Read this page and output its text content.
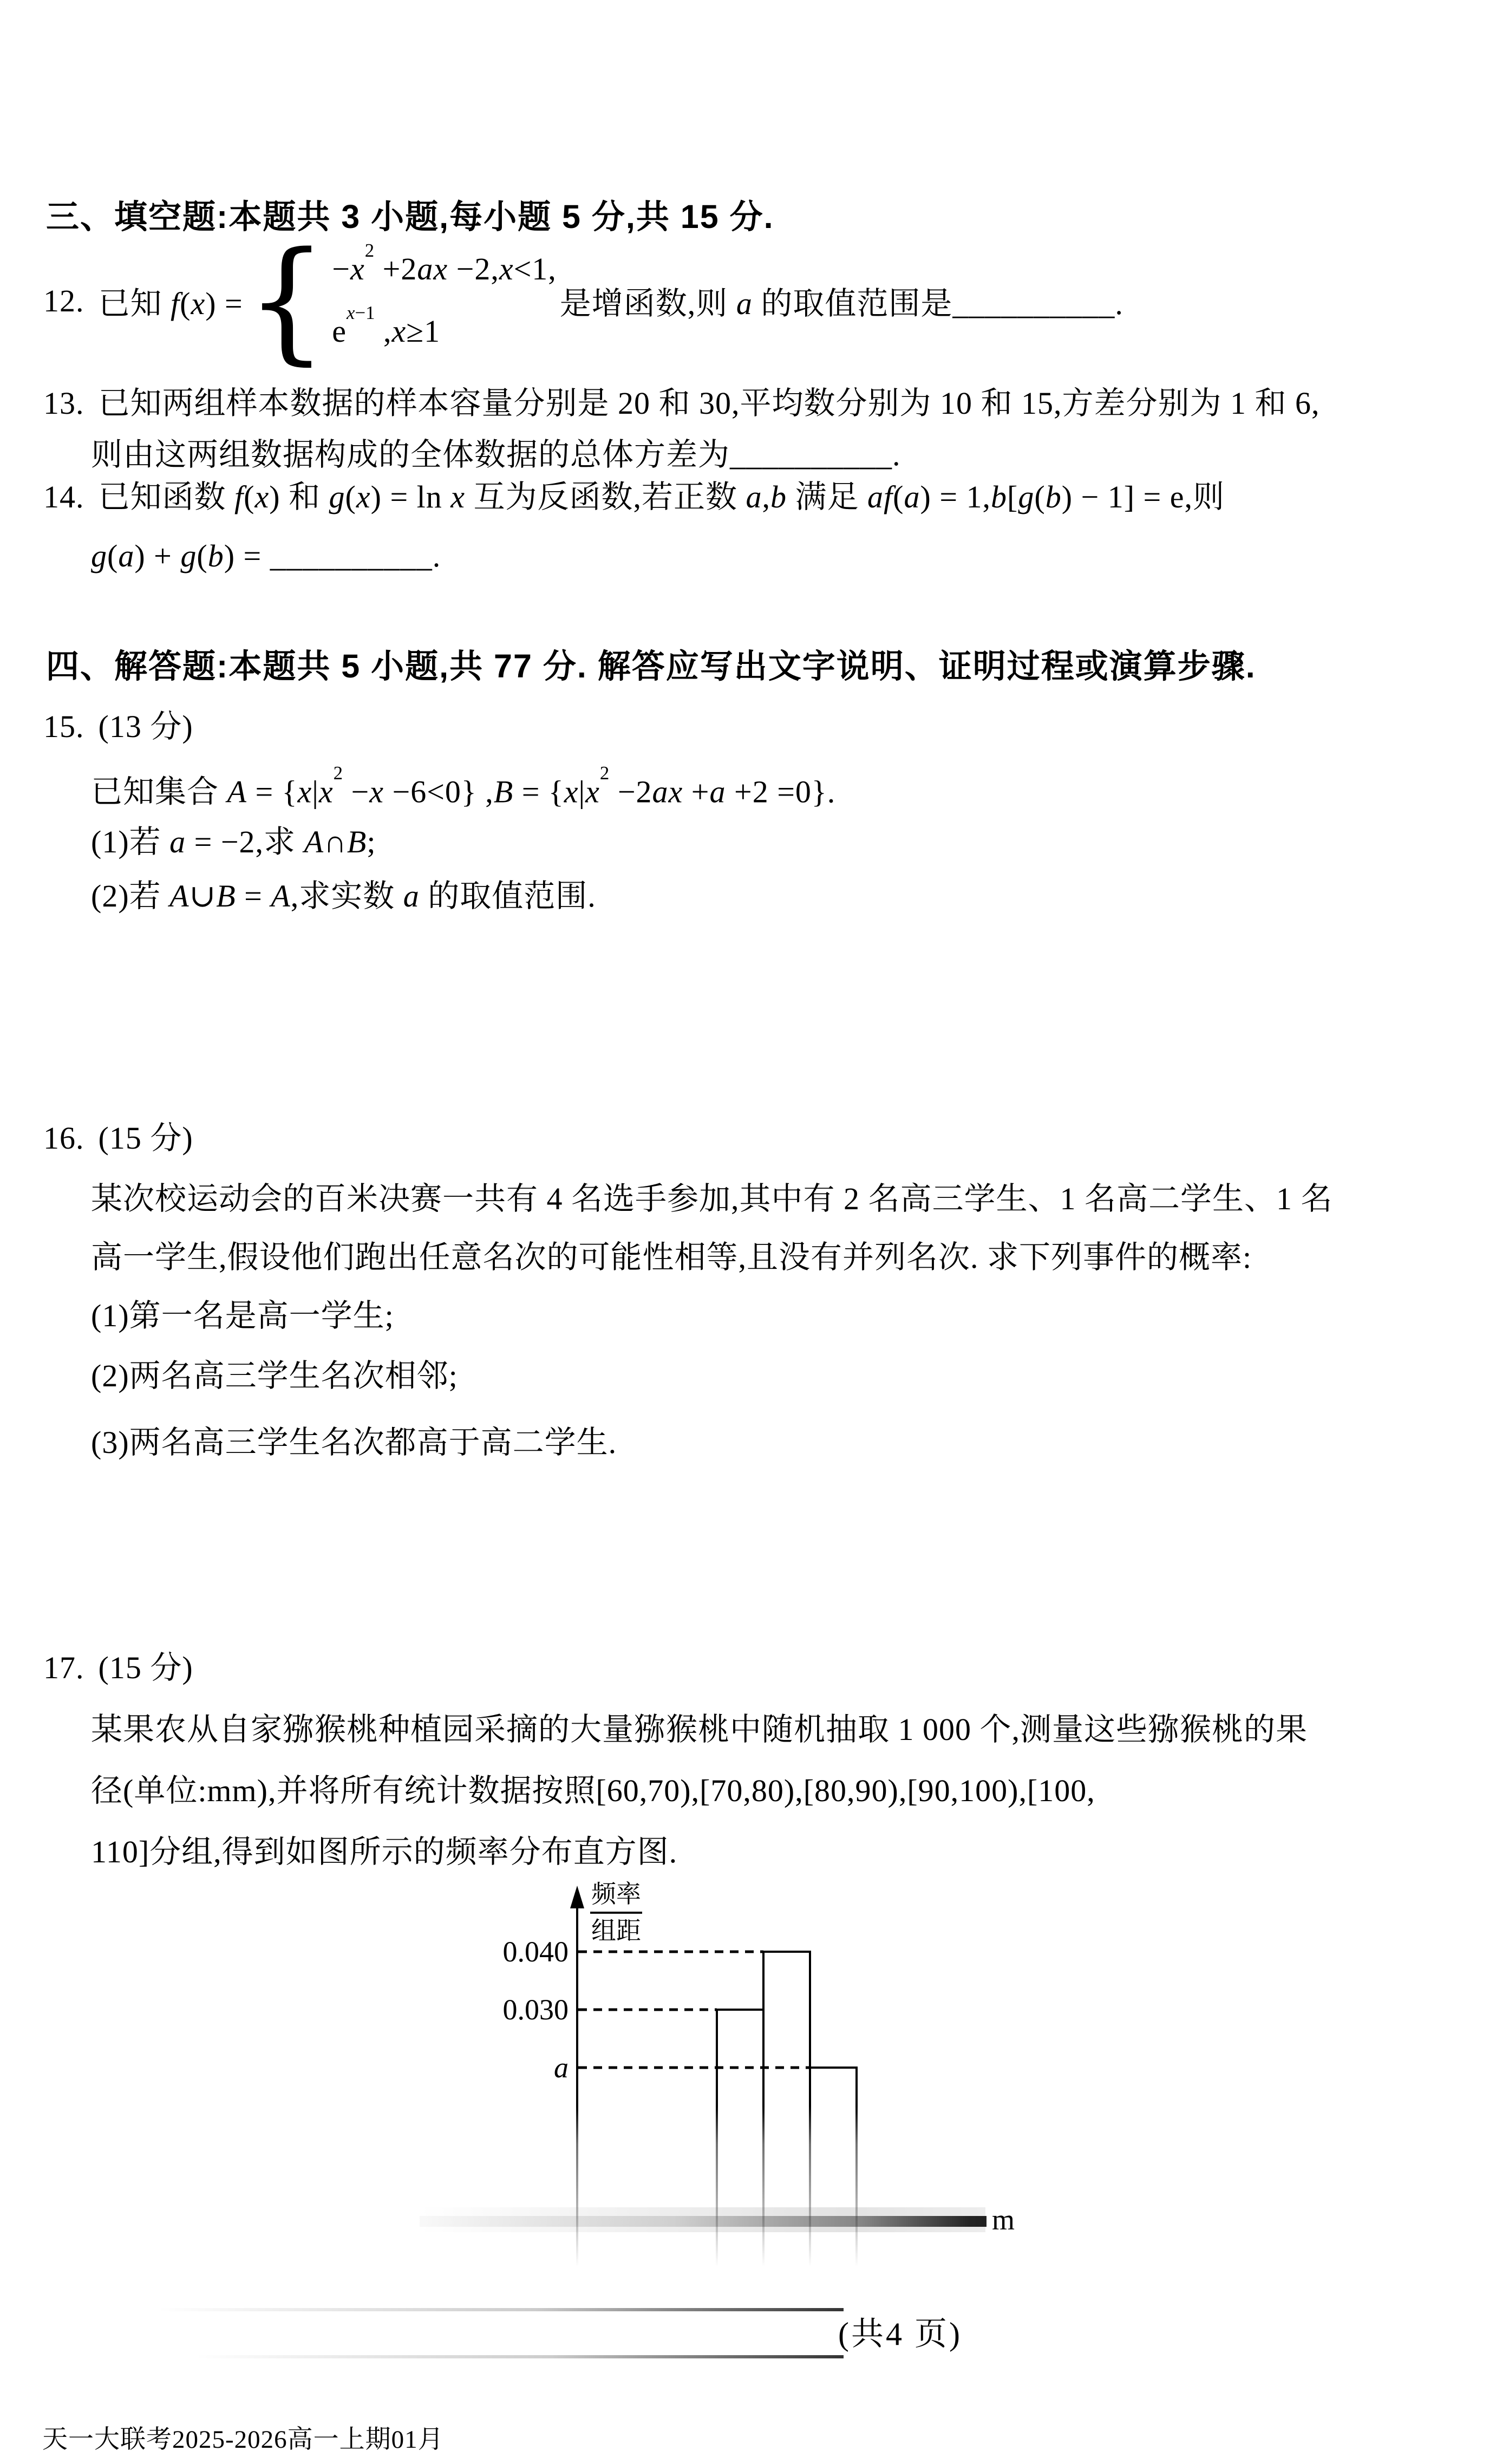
三、填空题:本题共 3 小题,每小题 5 分,共 15 分.
12. 已知 f(x) = { $-x^2 +2ax -2,x<1$,
$e^{x-1}$ ,x≥1
是增函数,则 a 的取值范围是__________.
13. 已知两组样本数据的样本容量分别是 20 和 30,平均数分别为 10 和 15,方差分别为 1 和 6,
则由这两组数据构成的全体数据的总体方差为__________.
14. 已知函数 f(x) 和 g(x) = ln x 互为反函数,若正数 a,b 满足 af(a) = 1,b[g(b) − 1] = e,则
g(a) + g(b) = __________.
四、解答题:本题共 5 小题,共 77 分. 解答应写出文字说明、证明过程或演算步骤.
15. (13 分)
已知集合 $A = \{x|x^2 -x -6<0\} ,B = \{x|x^2 -2ax +a +2 =0\}$.
(1)若 a = −2,求 A∩B;
(2)若 A∪B = A,求实数 a 的取值范围.
16. (15 分)
某次校运动会的百米决赛一共有 4 名选手参加,其中有 2 名高三学生、1 名高二学生、1 名
高一学生,假设他们跑出任意名次的可能性相等,且没有并列名次. 求下列事件的概率:
(1)第一名是高一学生;
(2)两名高三学生名次相邻;
(3)两名高三学生名次都高于高二学生.
17. (15 分)
某果农从自家猕猴桃种植园采摘的大量猕猴桃中随机抽取 1 000 个,测量这些猕猴桃的果
径(单位:mm),并将所有统计数据按照[60,70),[70,80),[80,90),[90,100),[100,
110]分组,得到如图所示的频率分布直方图.
频率
组距
0.040
0.030
a
m
(共4 页)
天一大联考2025-2026高一上期01月
